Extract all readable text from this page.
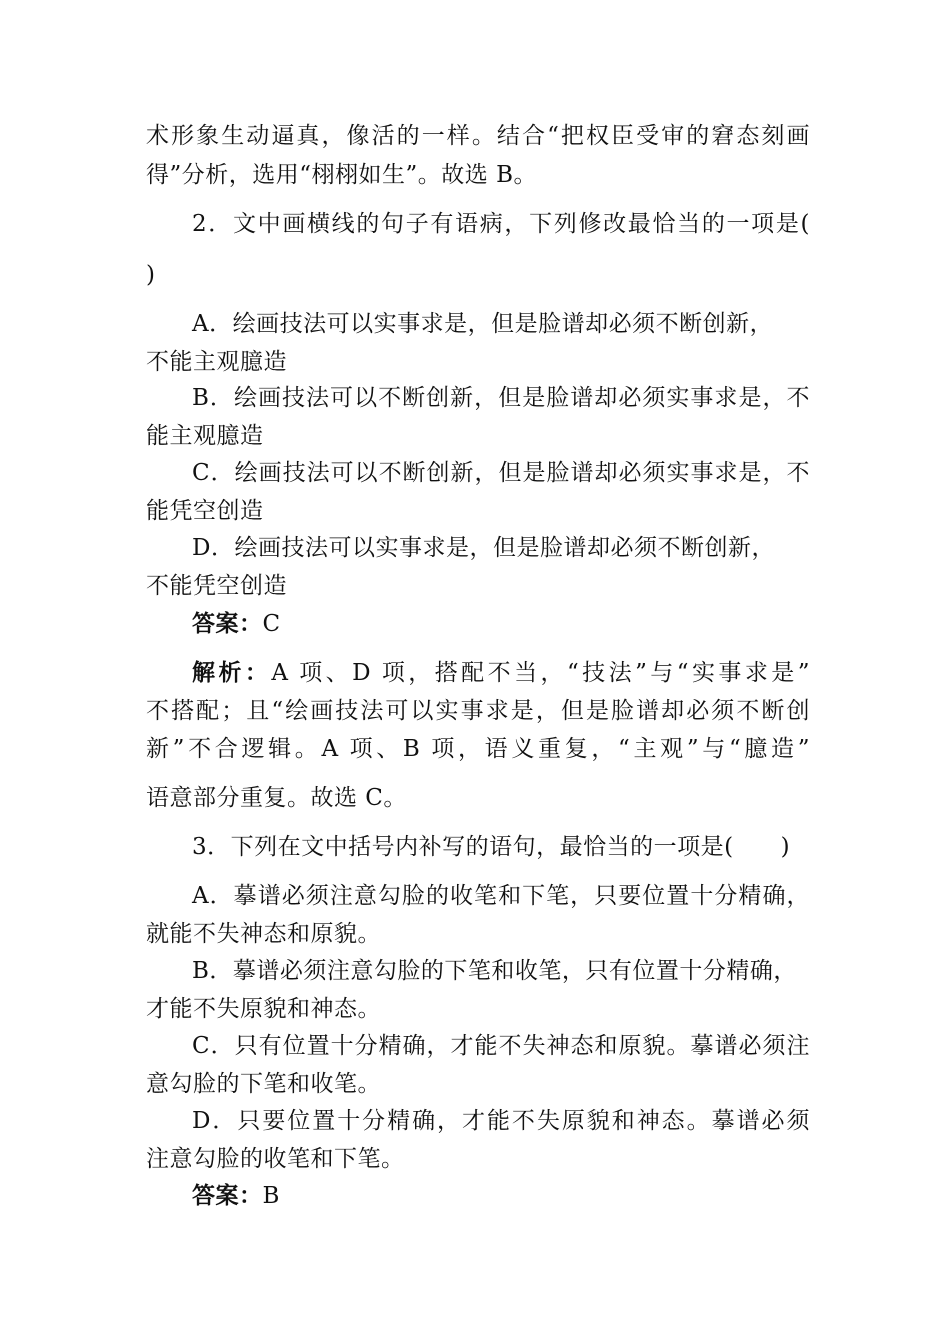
术形象生动逼真，像活的一样。结合“把权臣受审的窘态刻画
得”分析，选用“栩栩如生”。故选 B。
2．文中画横线的句子有语病，下列修改最恰当的一项是(
)
A．绘画技法可以实事求是，但是脸谱却必须不断创新，
不能主观臆造
B．绘画技法可以不断创新，但是脸谱却必须实事求是，不
能主观臆造
C．绘画技法可以不断创新，但是脸谱却必须实事求是，不
能凭空创造
D．绘画技法可以实事求是，但是脸谱却必须不断创新，
不能凭空创造
答案：C
解析：A 项、D 项，搭配不当，“技法”与“实事求是”
不搭配；且“绘画技法可以实事求是，但是脸谱却必须不断创
新”不合逻辑。A 项、B 项，语义重复，“主观”与“臆造”
语意部分重复。故选 C。
3．下列在文中括号内补写的语句，最恰当的一项是(　　)
A．摹谱必须注意勾脸的收笔和下笔，只要位置十分精确，
就能不失神态和原貌。
B．摹谱必须注意勾脸的下笔和收笔，只有位置十分精确，
才能不失原貌和神态。
C．只有位置十分精确，才能不失神态和原貌。摹谱必须注
意勾脸的下笔和收笔。
D．只要位置十分精确，才能不失原貌和神态。摹谱必须
注意勾脸的收笔和下笔。
答案：B
